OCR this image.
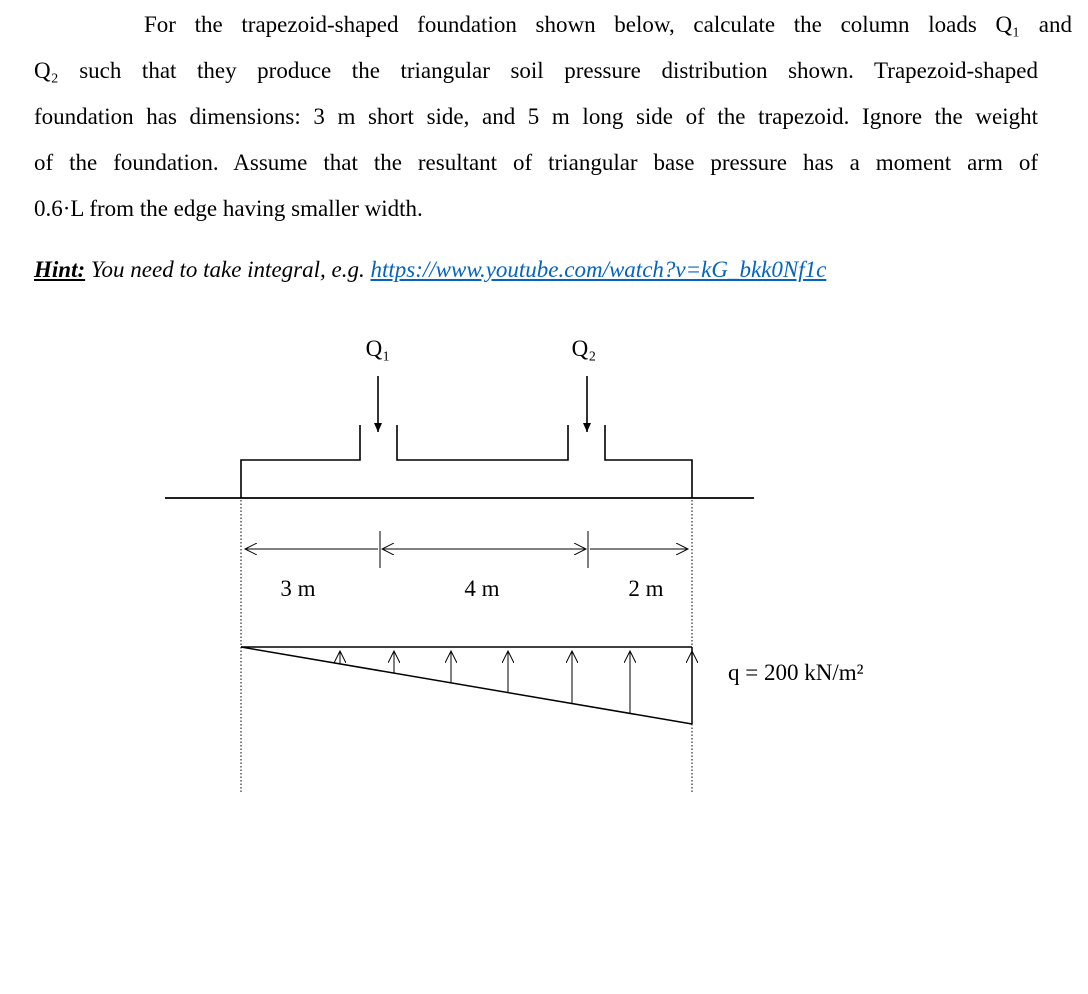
For the trapezoid-shaped foundation shown below, calculate the column loads Q₁ and
Q₂ such that they produce the triangular soil pressure distribution shown. Trapezoid-shaped
foundation has dimensions: 3 m short side, and 5 m long side of the trapezoid. Ignore the weight
of the foundation. Assume that the resultant of triangular base pressure has a moment arm of
0.6·L from the edge having smaller width.
Hint: You need to take integral, e.g. https://www.youtube.com/watch?v=kG_bkk0Nf1c
Q₁	Q₂
3 m	4 m	2 m
q = 200 kN/m²
